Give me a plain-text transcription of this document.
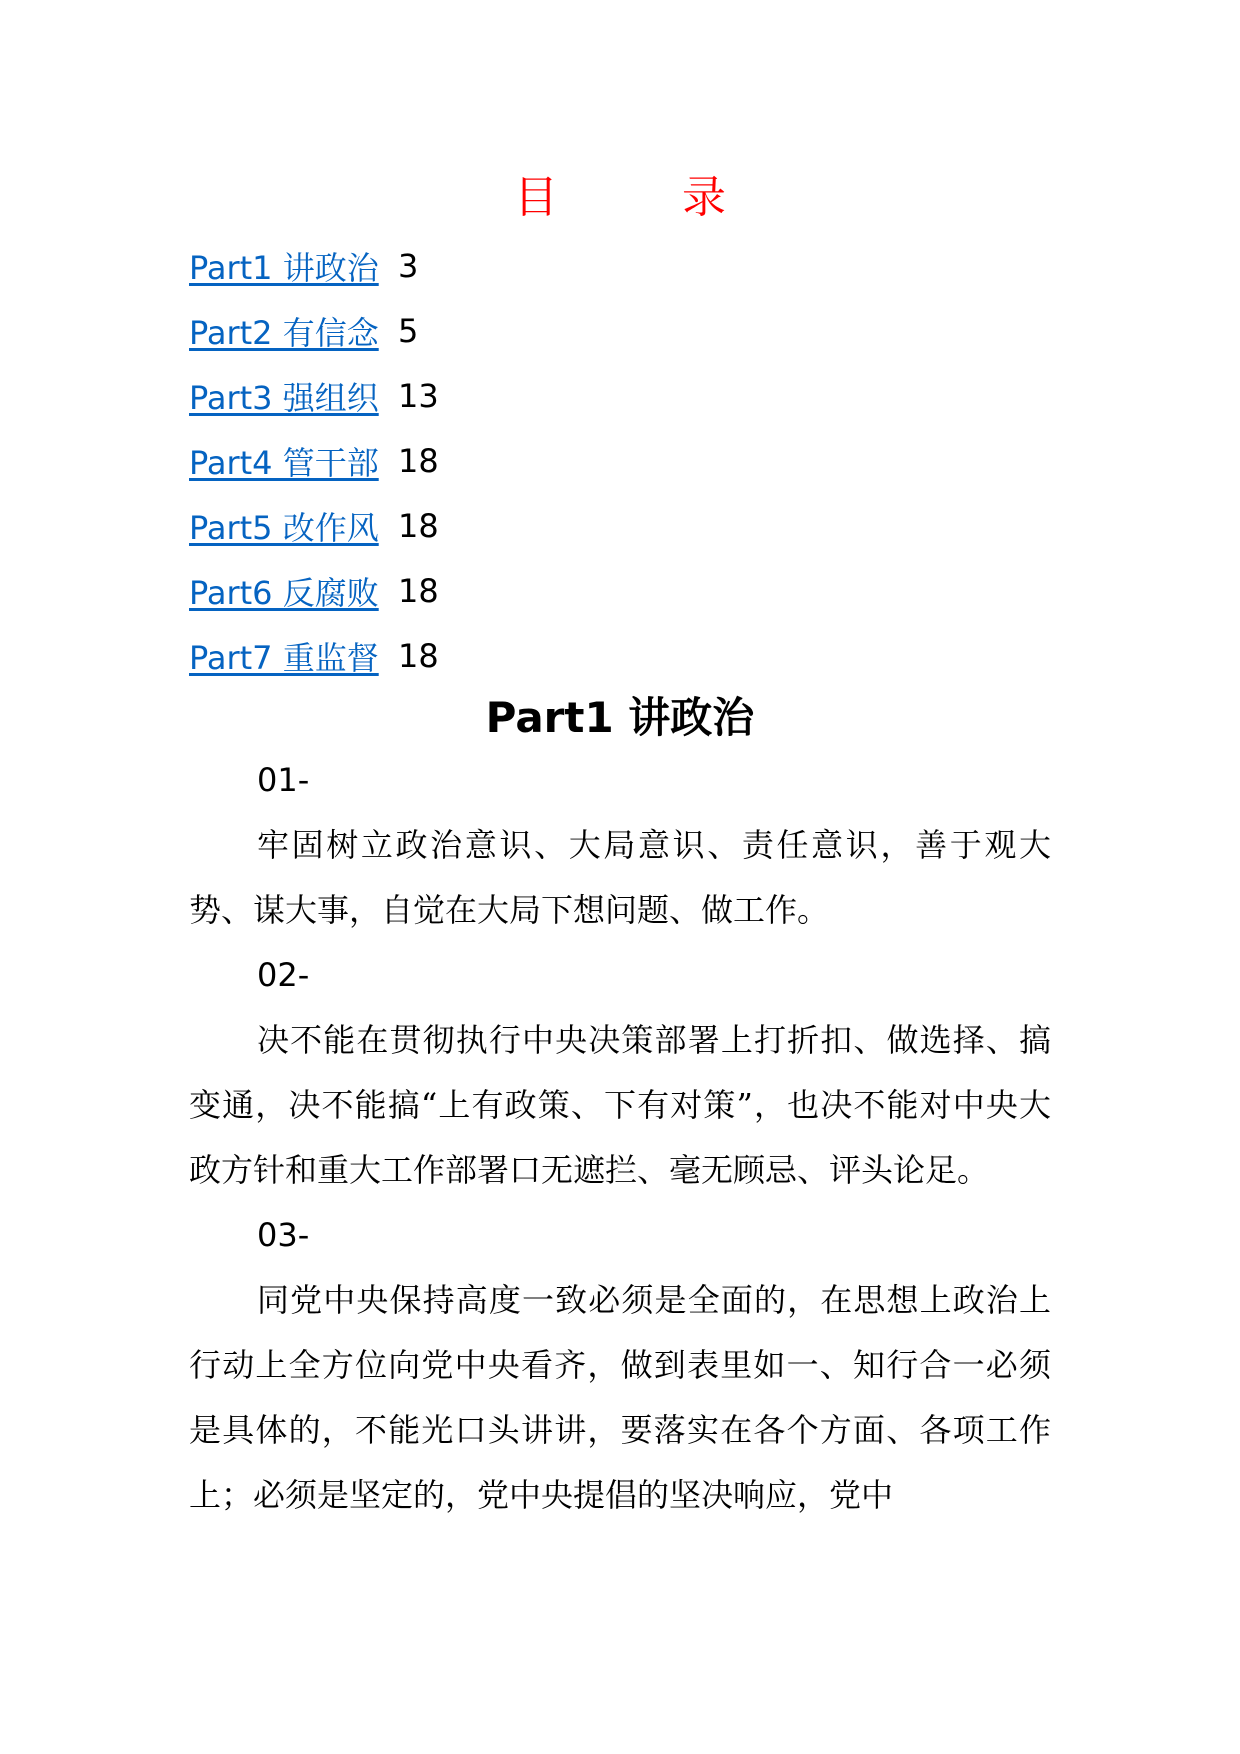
目　录
Part1 讲政治 3
Part2 有信念 5
Part3 强组织 13
Part4 管干部 18
Part5 改作风 18
Part6 反腐败 18
Part7 重监督 18
Part1 讲政治

01-

牢固树立政治意识、大局意识、责任意识，善于观大势、谋大事，自觉在大局下想问题、做工作。

02-

决不能在贯彻执行中央决策部署上打折扣、做选择、搞变通，决不能搞“上有政策、下有对策”，也决不能对中央大政方针和重大工作部署口无遮拦、毫无顾忌、评头论足。

03-

同党中央保持高度一致必须是全面的，在思想上政治上行动上全方位向党中央看齐，做到表里如一、知行合一必须是具体的，不能光口头讲讲，要落实在各个方面、各项工作上；必须是坚定的，党中央提倡的坚决响应，党中
